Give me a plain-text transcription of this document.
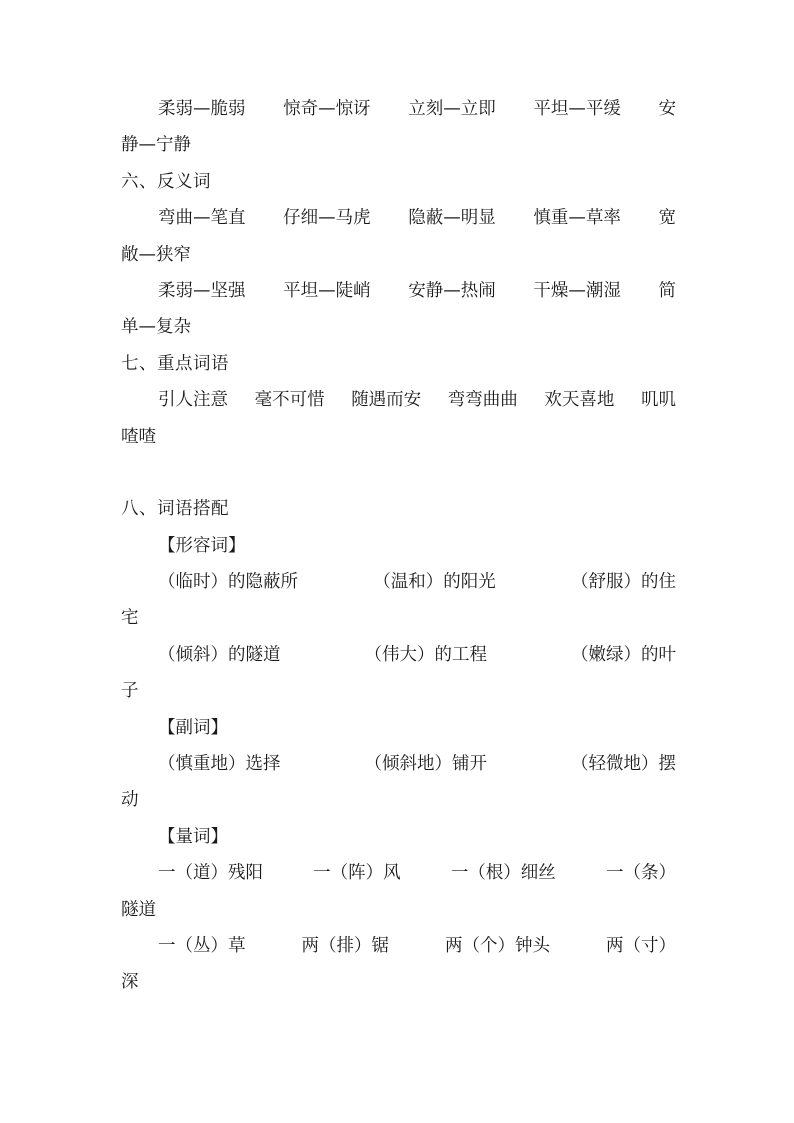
柔弱—脆弱 惊奇—惊讶 立刻—立即 平坦—平缓 安
静—宁静
六、反义词
弯曲—笔直 仔细—马虎 隐蔽—明显 慎重—草率 宽
敞—狭窄
柔弱—坚强 平坦—陡峭 安静—热闹 干燥—潮湿 简
单—复杂
七、重点词语
引人注意 毫不可惜 随遇而安 弯弯曲曲 欢天喜地 叽叽
喳喳
八、词语搭配
【形容词】
（临时）的隐蔽所	（温和）的阳光	（舒服）的住
宅
（倾斜）的隧道	（伟大）的工程	（嫩绿）的叶
子
【副词】
（慎重地）选择	（倾斜地）铺开	（轻微地）摆
动
【量词】
一（道）残阳	一（阵）风	一（根）细丝	一（条）
隧道
一（丛）草	两（排）锯	两（个）钟头	两（寸）
深
